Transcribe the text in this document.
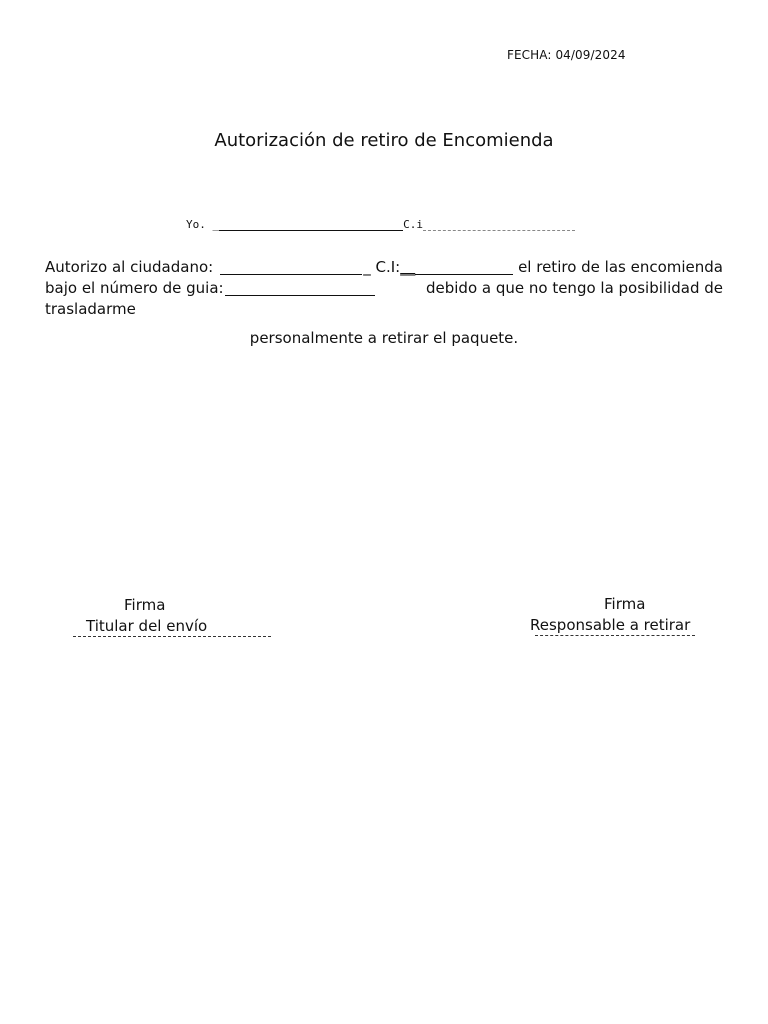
FECHA: 04/09/2024
Autorización de retiro de Encomienda
Yo. _	C.i
Autorizo al ciudadano:	_ C.I: __	el retiro de las encomienda
bajo el número de guia:	debido a que no tengo la posibilidad de
trasladarme
personalmente a retirar el paquete.
Firma
Titular del envío
Firma
Responsable a retirar
